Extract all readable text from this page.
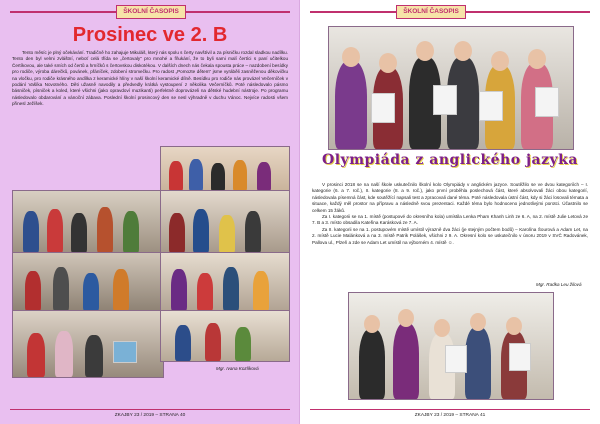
ŠKOLNÍ ČASOPIS
Prosinec ve 2. B

Tento měsíc je plný očekávání. Tradičně ho zahajuje Mikuláš, který nás spolu s čerty navštívil a za písničku rozdal sladkou nadílku. Tento den byl velmi zvláštní, neboť celá třída se „čertovaly“ pro mnohé a fňukání, že to byli sami malí čertíci s paní učitelkou Čertíkovou, ale také smích od čertů a hrníčků s čertovskou diskotékou. V dalších dnech nás čekala spousta práce – nazdobení besídky pro rodiče, výroba dárečků, povánek, přáníček, zdobení stromečku. Pro radost „Pomozte dětem“ jsme vyráběli zasněženou děkovičku na vločku, pro rodiče krásného andílka z keramické hlíny v naší školní keramické dílně. Besídku pro rodiče nás provázel Večerníček v podání Vašíka Novotného. Děti užasně navodily a předvedly krátká vystoupení z několika Večerníčků. Poté následovalo pásmo básniček, písniček a koled, které všichni (jako opravdoví muzikanti) perfektně doprovázeli na dětské hudební nástroje. Po programu následovalo obdarování a vánoční zábava. Poslední školní prosincový den se nesl výhradně v duchu Vánoc. Nejvíce radosti všem přinesl Ježíšek.

Mgr. Ivana Kozlíková
ZKAJBY 23 / 2019 – STRANA 40
ŠKOLNÍ ČASOPIS
Olympiáda z anglického jazyka

V prosinci 2018 se na naší škole uskutečnilo školní kolo Olympiády v anglickém jazyce. Soutěžilo se ve dvou kategoriích – I. kategorie (6. a 7. roč.), II. kategorie (8. a 9. roč.), jako první proběhla poslechová část, které absolvovali žáci obou kategorií, následovala písemná část, kde soutěžící napsali test a zpracovali dané téma. Poté následovala ústní část, kdy si žáci losovali témata a situace, každý měl prostor na přípravu a následně svou prezentaci. Každé téma bylo hodnoceno jednotlivými porotci. Účastnilo se celkem 15 žáků.

Za I. kategorii se na 1. místě (postupové do okresního kola) umístila Lenka Pham Khanh Linh ze 6. A, na 2. místě Julie Letová ze 7. B a 3. místo obsadila Kateřina Karásková ze 7. A.

Za II. kategorii se na 1. postupovém místě umístil výrazně dva žáci (je stejným počtem bodů) – Karolína Šourová a Adam Let, na 2. místě Lucie Malánková a na 3. místě Patrik Polášek, všichni z 9. A. Okresní kolo se uskutečnilo v únoru 2019 v SVČ Radovánek, Pallova ul., Plzeň a zde se Adam Let umístil na výborném 4. místě ☺.

Mgr. Radka Leu žilová
ZKAJBY 23 / 2019 – STRANA 41
